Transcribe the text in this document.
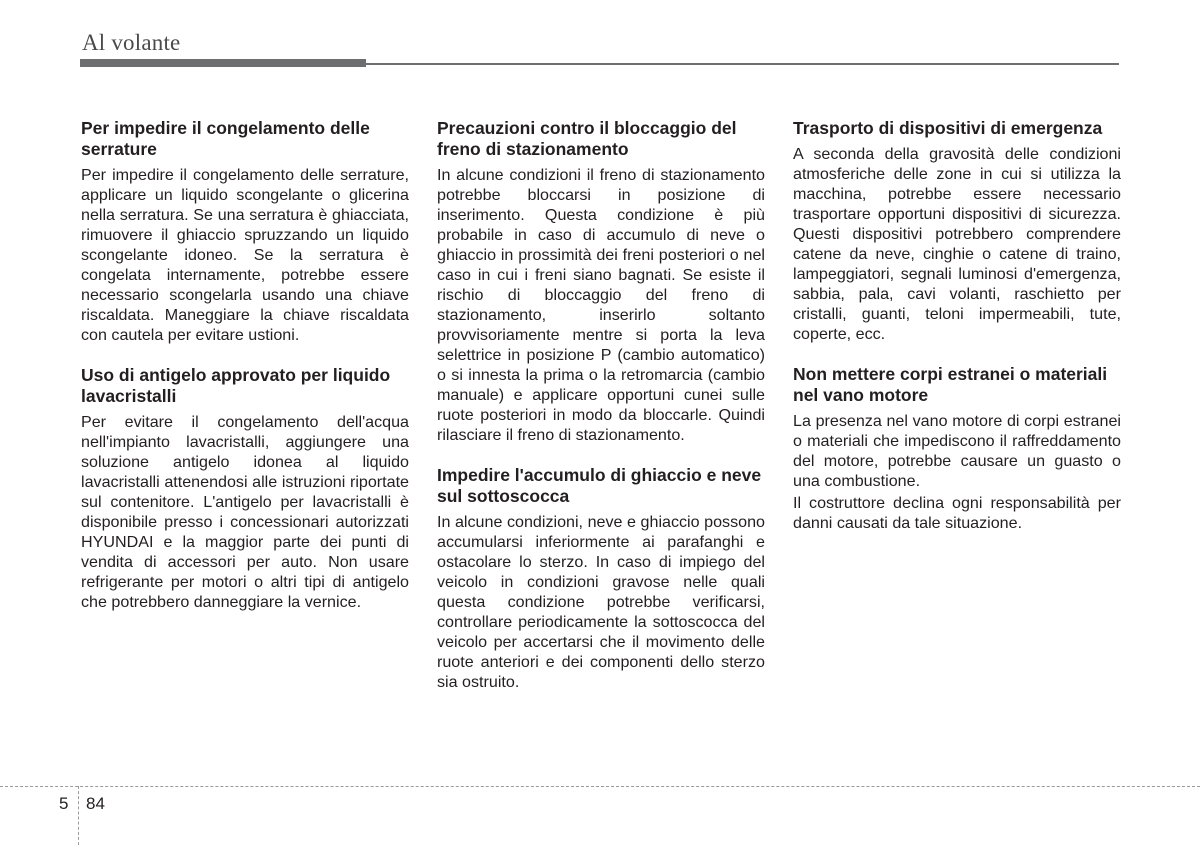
Al volante
Per impedire il congelamento delle serrature

Per impedire il congelamento delle serrature, applicare un liquido scongelante o glicerina nella serratura. Se una serratura è ghiacciata, rimuovere il ghiaccio spruzzando un liquido scongelante idoneo. Se la serratura è congelata internamente, potrebbe essere necessario scongelarla usando una chiave riscaldata. Maneggiare la chiave riscaldata con cautela per evitare ustioni.

Uso di antigelo approvato per liquido lavacristalli

Per evitare il congelamento dell'acqua nell'impianto lavacristalli, aggiungere una soluzione antigelo idonea al liquido lavacristalli attenendosi alle istruzioni riportate sul contenitore. L'antigelo per lavacristalli è disponibile presso i concessionari autorizzati HYUNDAI e la maggior parte dei punti di vendita di accessori per auto. Non usare refrigerante per motori o altri tipi di antigelo che potrebbero danneggiare la vernice.

Precauzioni contro il bloccaggio del freno di stazionamento

In alcune condizioni il freno di stazionamento potrebbe bloccarsi in posizione di inserimento. Questa condizione è più probabile in caso di accumulo di neve o ghiaccio in prossimità dei freni posteriori o nel caso in cui i freni siano bagnati. Se esiste il rischio di bloccaggio del freno di stazionamento, inserirlo soltanto provvisoriamente mentre si porta la leva selettrice in posizione P (cambio automatico) o si innesta la prima o la retromarcia (cambio manuale) e applicare opportuni cunei sulle ruote posteriori in modo da bloccarle. Quindi rilasciare il freno di stazionamento.

Impedire l'accumulo di ghiaccio e neve sul sottoscocca

In alcune condizioni, neve e ghiaccio possono accumularsi inferiormente ai parafanghi e ostacolare lo sterzo. In caso di impiego del veicolo in condizioni gravose nelle quali questa condizione potrebbe verificarsi, controllare periodicamente la sottoscocca del veicolo per accertarsi che il movimento delle ruote anteriori e dei componenti dello sterzo sia ostruito.

Trasporto di dispositivi di emergenza

A seconda della gravosità delle condizioni atmosferiche delle zone in cui si utilizza la macchina, potrebbe essere necessario trasportare opportuni dispositivi di sicurezza. Questi dispositivi potrebbero comprendere catene da neve, cinghie o catene di traino, lampeggiatori, segnali luminosi d'emergenza, sabbia, pala, cavi volanti, raschietto per cristalli, guanti, teloni impermeabili, tute, coperte, ecc.

Non mettere corpi estranei o materiali nel vano motore

La presenza nel vano motore di corpi estranei o materiali che impediscono il raffreddamento del motore, potrebbe causare un guasto o una combustione.

Il costruttore declina ogni responsabilità per danni causati da tale situazione.

5 84
